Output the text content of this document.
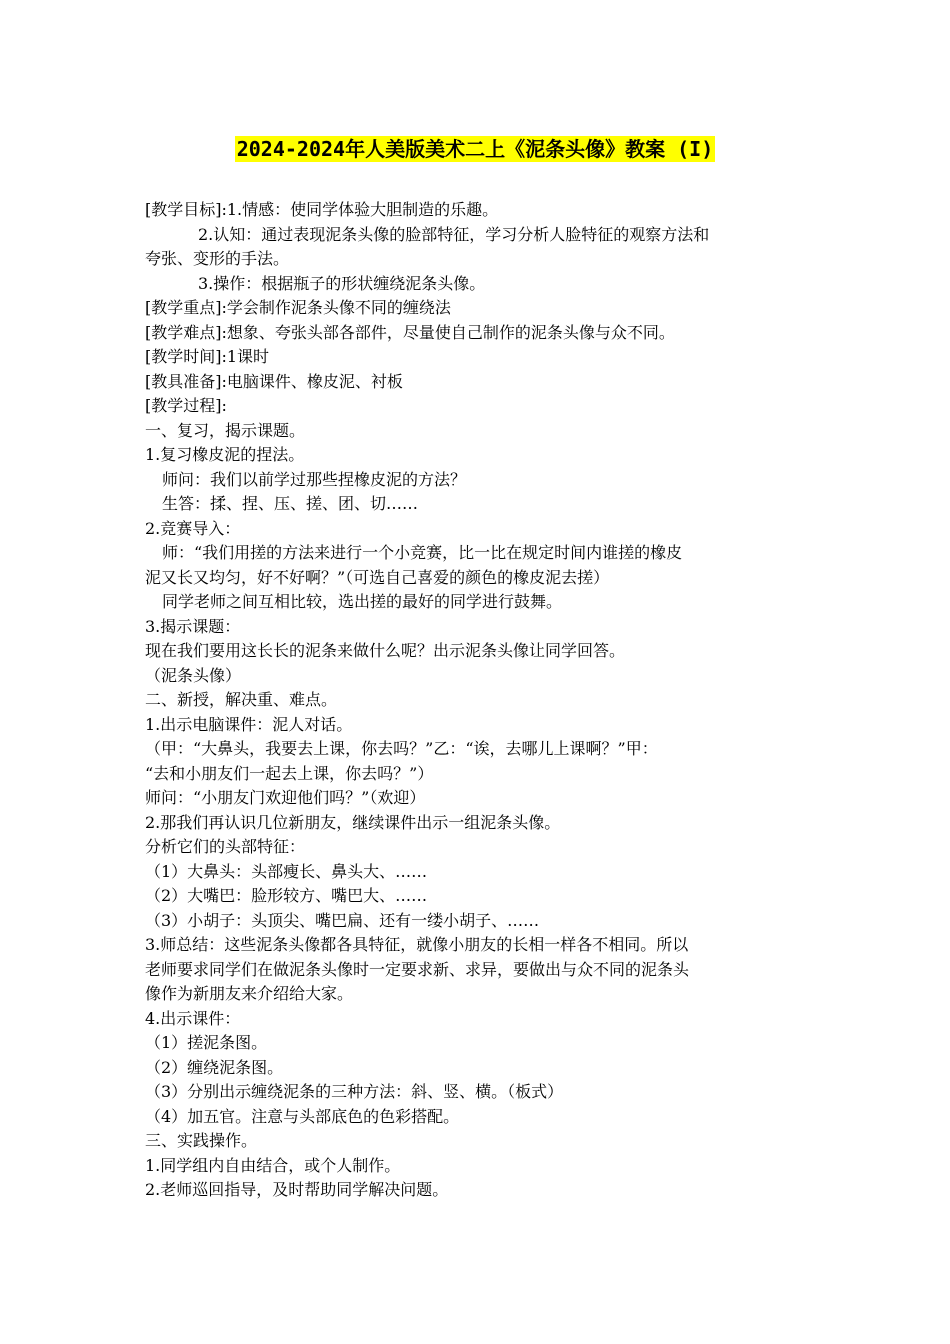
2024-2024年人美版美术二上《泥条头像》教案 (I)
[教学目标]:1.情感：使同学体验大胆制造的乐趣。
2.认知：通过表现泥条头像的脸部特征，学习分析人脸特征的观察方法和
夸张、变形的手法。
3.操作：根据瓶子的形状缠绕泥条头像。
[教学重点]:学会制作泥条头像不同的缠绕法
[教学难点]:想象、夸张头部各部件，尽量使自己制作的泥条头像与众不同。
[教学时间]:1课时
[教具准备]:电脑课件、橡皮泥、衬板
[教学过程]:
一、复习，揭示课题。
1.复习橡皮泥的捏法。
师问：我们以前学过那些捏橡皮泥的方法？
生答：揉、捏、压、搓、团、切……
2.竞赛导入：
师：“我们用搓的方法来进行一个小竞赛，比一比在规定时间内谁搓的橡皮
泥又长又均匀，好不好啊？”（可选自己喜爱的颜色的橡皮泥去搓）
同学老师之间互相比较，选出搓的最好的同学进行鼓舞。
3.揭示课题：
现在我们要用这长长的泥条来做什么呢？出示泥条头像让同学回答。
（泥条头像）
二、新授，解决重、难点。
1.出示电脑课件：泥人对话。
（甲：“大鼻头，我要去上课，你去吗？”乙：“诶，去哪儿上课啊？”甲：
“去和小朋友们一起去上课，你去吗？”）
师问：“小朋友门欢迎他们吗？”（欢迎）
2.那我们再认识几位新朋友，继续课件出示一组泥条头像。
分析它们的头部特征：
（1）大鼻头：头部瘦长、鼻头大、……
（2）大嘴巴：脸形较方、嘴巴大、……
（3）小胡子：头顶尖、嘴巴扁、还有一缕小胡子、……
3.师总结：这些泥条头像都各具特征，就像小朋友的长相一样各不相同。所以
老师要求同学们在做泥条头像时一定要求新、求异，要做出与众不同的泥条头
像作为新朋友来介绍给大家。
4.出示课件：
（1）搓泥条图。
（2）缠绕泥条图。
（3）分别出示缠绕泥条的三种方法：斜、竖、横。（板式）
（4）加五官。注意与头部底色的色彩搭配。
三、实践操作。
1.同学组内自由结合，或个人制作。
2.老师巡回指导，及时帮助同学解决问题。
